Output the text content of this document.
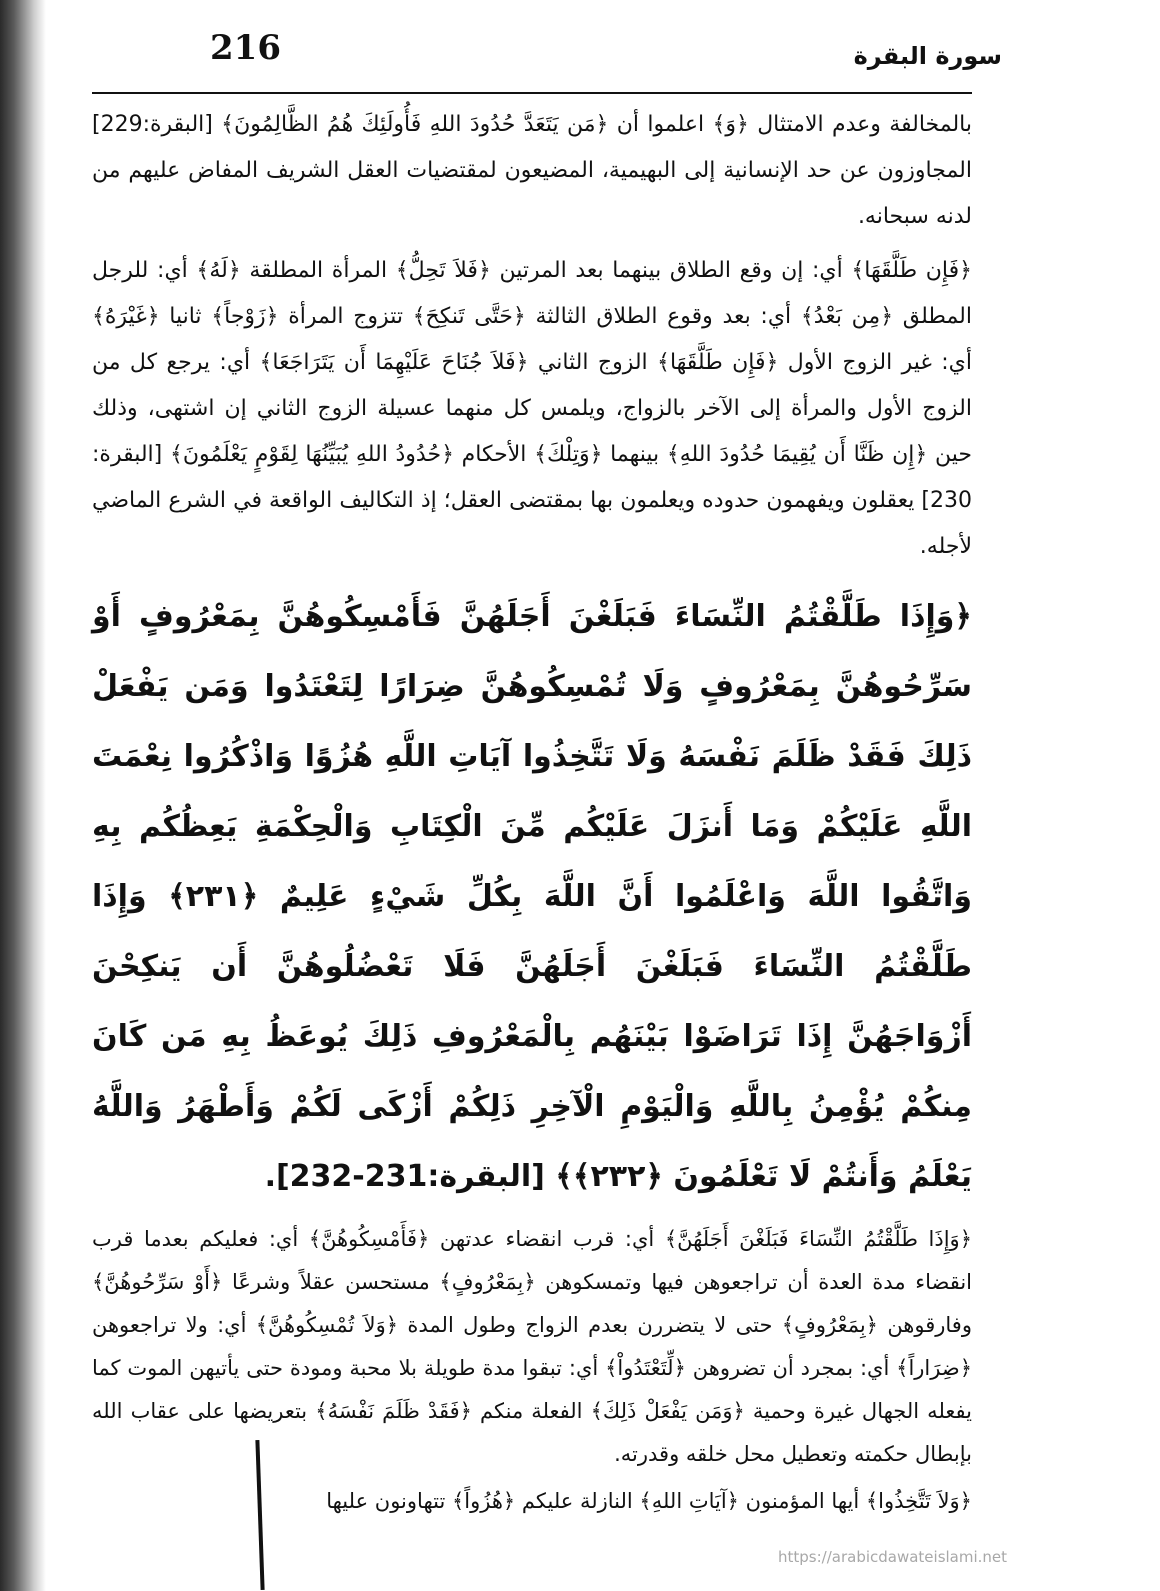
216	سورة البقرة

بالمخالفة وعدم الامتثال ﴿وَ﴾ اعلموا أن ﴿مَن يَتَعَدَّ حُدُودَ اللهِ فَأُولَئِكَ هُمُ الظَّالِمُونَ﴾ [البقرة:229] المجاوزون عن حد الإنسانية إلى البهيمية، المضيعون لمقتضيات العقل الشريف المفاض عليهم من لدنه سبحانه.

﴿فَإِن طَلَّقَهَا﴾ أي: إن وقع الطلاق بينهما بعد المرتين ﴿فَلاَ تَحِلُّ﴾ المرأة المطلقة ﴿لَهُ﴾ أي: للرجل المطلق ﴿مِن بَعْدُ﴾ أي: بعد وقوع الطلاق الثالثة ﴿حَتَّى تَنكِحَ﴾ تتزوج المرأة ﴿زَوْجاً﴾ ثانيا ﴿غَيْرَهُ﴾ أي: غير الزوج الأول ﴿فَإِن طَلَّقَهَا﴾ الزوج الثاني ﴿فَلاَ جُنَاحَ عَلَيْهِمَا أَن يَتَرَاجَعَا﴾ أي: يرجع كل من الزوج الأول والمرأة إلى الآخر بالزواج، ويلمس كل منهما عسيلة الزوج الثاني إن اشتهى، وذلك حين ﴿إِن ظَنَّا أَن يُقِيمَا حُدُودَ اللهِ﴾ بينهما ﴿وَتِلْكَ﴾ الأحكام ﴿حُدُودُ اللهِ يُبَيِّنُهَا لِقَوْمٍ يَعْلَمُونَ﴾ [البقرة: 230] يعقلون ويفهمون حدوده ويعلمون بها بمقتضى العقل؛ إذ التكاليف الواقعة في الشرع الماضي لأجله.

﴿وَإِذَا طَلَّقْتُمُ النِّسَاءَ فَبَلَغْنَ أَجَلَهُنَّ فَأَمْسِكُوهُنَّ بِمَعْرُوفٍ أَوْ سَرِّحُوهُنَّ بِمَعْرُوفٍ وَلَا تُمْسِكُوهُنَّ ضِرَارًا لِتَعْتَدُوا وَمَن يَفْعَلْ ذَلِكَ فَقَدْ ظَلَمَ نَفْسَهُ وَلَا تَتَّخِذُوا آيَاتِ اللَّهِ هُزُوًا وَاذْكُرُوا نِعْمَتَ اللَّهِ عَلَيْكُمْ وَمَا أَنزَلَ عَلَيْكُم مِّنَ الْكِتَابِ وَالْحِكْمَةِ يَعِظُكُم بِهِ وَاتَّقُوا اللَّهَ وَاعْلَمُوا أَنَّ اللَّهَ بِكُلِّ شَيْءٍ عَلِيمٌ ﴿٢٣١﴾ وَإِذَا طَلَّقْتُمُ النِّسَاءَ فَبَلَغْنَ أَجَلَهُنَّ فَلَا تَعْضُلُوهُنَّ أَن يَنكِحْنَ أَزْوَاجَهُنَّ إِذَا تَرَاضَوْا بَيْنَهُم بِالْمَعْرُوفِ ذَلِكَ يُوعَظُ بِهِ مَن كَانَ مِنكُمْ يُؤْمِنُ بِاللَّهِ وَالْيَوْمِ الْآخِرِ ذَلِكُمْ أَزْكَى لَكُمْ وَأَطْهَرُ وَاللَّهُ يَعْلَمُ وَأَنتُمْ لَا تَعْلَمُونَ ﴿٢٣٢﴾﴾ [البقرة:231-232].

﴿وَإِذَا طَلَّقْتُمُ النِّسَاءَ فَبَلَغْنَ أَجَلَهُنَّ﴾ أي: قرب انقضاء عدتهن ﴿فَأَمْسِكُوهُنَّ﴾ أي: فعليكم بعدما قرب انقضاء مدة العدة أن تراجعوهن فيها وتمسكوهن ﴿بِمَعْرُوفٍ﴾ مستحسن عقلاً وشرعًا ﴿أَوْ سَرِّحُوهُنَّ﴾ وفارقوهن ﴿بِمَعْرُوفٍ﴾ حتى لا يتضررن بعدم الزواج وطول المدة ﴿وَلاَ تُمْسِكُوهُنَّ﴾ أي: ولا تراجعوهن ﴿ضِرَاراً﴾ أي: بمجرد أن تضروهن ﴿لِّتَعْتَدُواْ﴾ أي: تبقوا مدة طويلة بلا محبة ومودة حتى يأتيهن الموت كما يفعله الجهال غيرة وحمية ﴿وَمَن يَفْعَلْ ذَلِكَ﴾ الفعلة منكم ﴿فَقَدْ ظَلَمَ نَفْسَهُ﴾ بتعريضها على عقاب الله بإبطال حكمته وتعطيل محل خلقه وقدرته.

﴿وَلاَ تَتَّخِذُوا﴾ أيها المؤمنون ﴿آيَاتِ اللهِ﴾ النازلة عليكم ﴿هُزُواً﴾ تتهاونون عليها

https://arabicdawateislami.net
